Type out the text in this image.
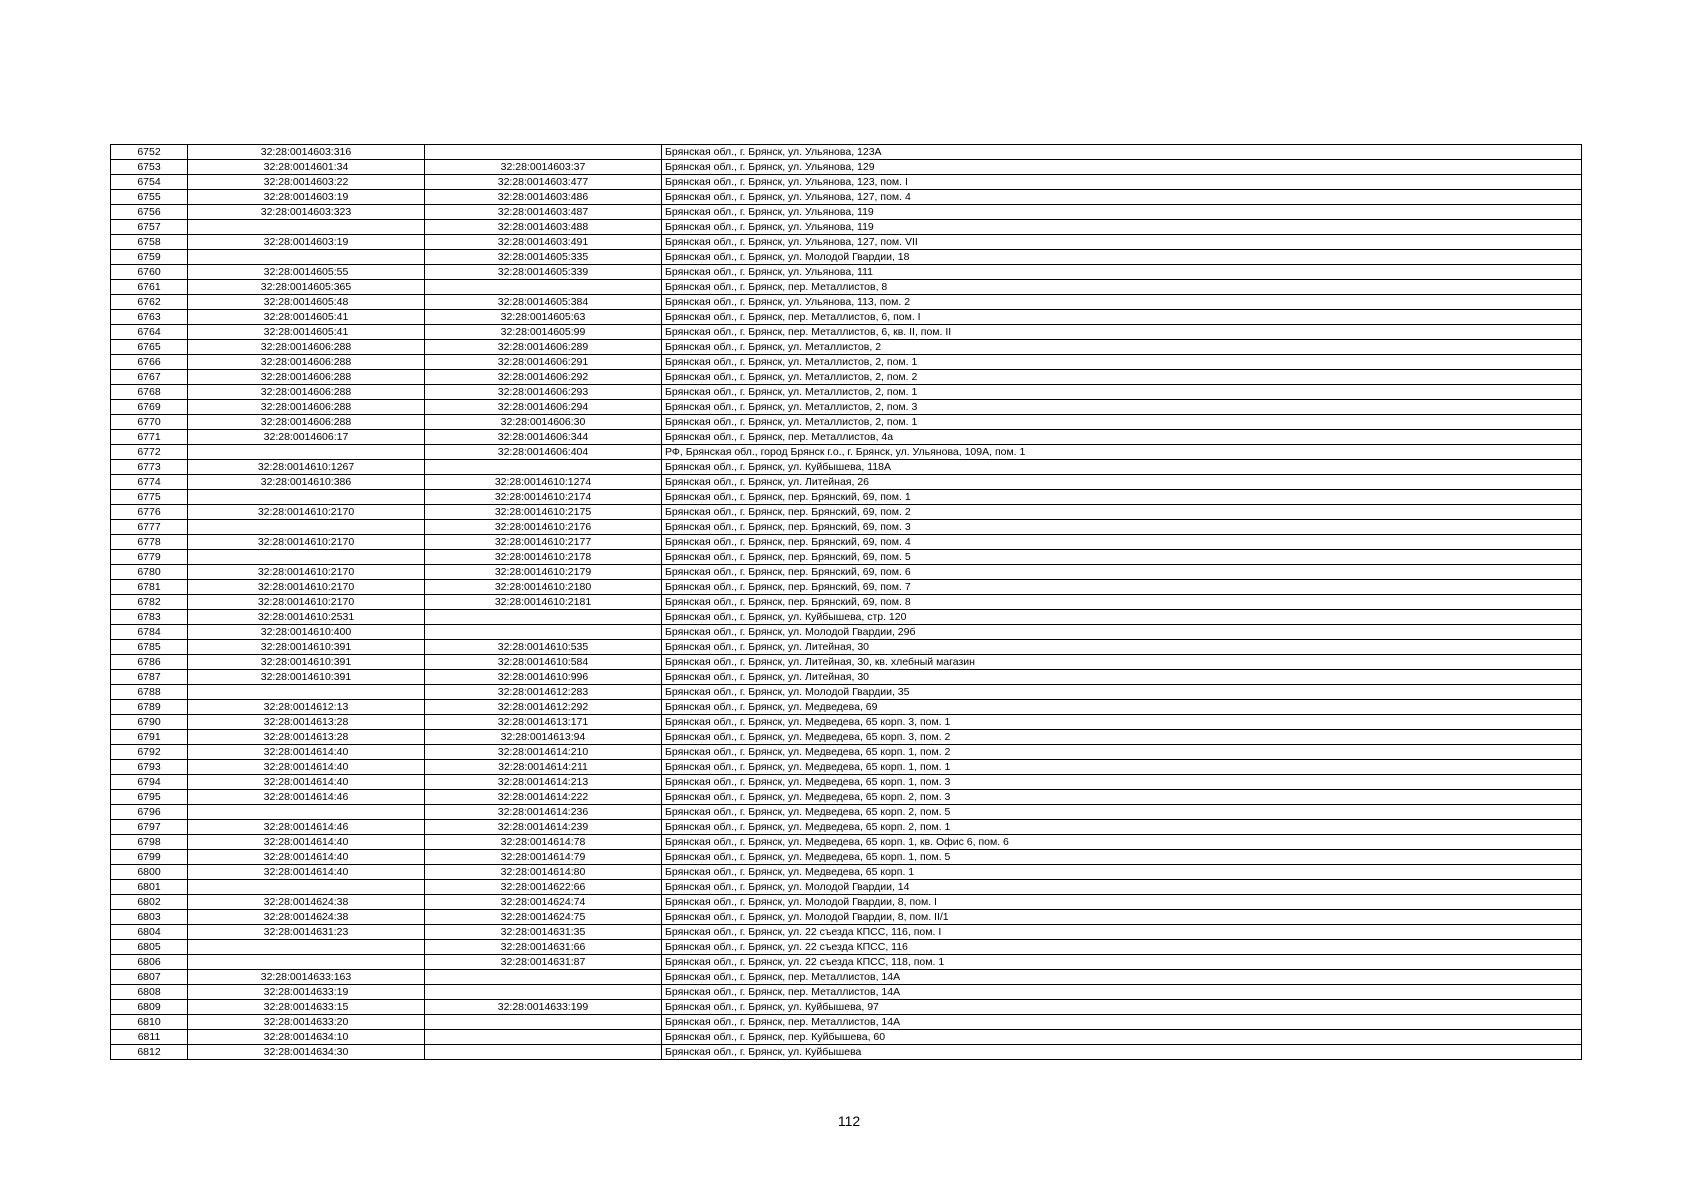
6752	32:28:0014603:316		Брянская обл., г. Брянск, ул. Ульянова, 123А
6753	32:28:0014601:34	32:28:0014603:37	Брянская обл., г. Брянск, ул. Ульянова, 129
6754	32:28:0014603:22	32:28:0014603:477	Брянская обл., г. Брянск, ул. Ульянова, 123, пом. I
6755	32:28:0014603:19	32:28:0014603:486	Брянская обл., г. Брянск, ул. Ульянова, 127, пом. 4
6756	32:28:0014603:323	32:28:0014603:487	Брянская обл., г. Брянск, ул. Ульянова, 119
6757		32:28:0014603:488	Брянская обл., г. Брянск, ул. Ульянова, 119
6758	32:28:0014603:19	32:28:0014603:491	Брянская обл., г. Брянск, ул. Ульянова, 127, пом. VII
6759		32:28:0014605:335	Брянская обл., г. Брянск, ул. Молодой Гвардии, 18
6760	32:28:0014605:55	32:28:0014605:339	Брянская обл., г. Брянск, ул. Ульянова, 111
6761	32:28:0014605:365		Брянская обл., г. Брянск, пер. Металлистов, 8
6762	32:28:0014605:48	32:28:0014605:384	Брянская обл., г. Брянск, ул. Ульянова, 113, пом. 2
6763	32:28:0014605:41	32:28:0014605:63	Брянская обл., г. Брянск, пер. Металлистов, 6, пом. I
6764	32:28:0014605:41	32:28:0014605:99	Брянская обл., г. Брянск, пер. Металлистов, 6, кв. II, пом. II
6765	32:28:0014606:288	32:28:0014606:289	Брянская обл., г. Брянск, ул. Металлистов, 2
6766	32:28:0014606:288	32:28:0014606:291	Брянская обл., г. Брянск, ул. Металлистов, 2, пом. 1
6767	32:28:0014606:288	32:28:0014606:292	Брянская обл., г. Брянск, ул. Металлистов, 2, пом. 2
6768	32:28:0014606:288	32:28:0014606:293	Брянская обл., г. Брянск, ул. Металлистов, 2, пом. 1
6769	32:28:0014606:288	32:28:0014606:294	Брянская обл., г. Брянск, ул. Металлистов, 2, пом. 3
6770	32:28:0014606:288	32:28:0014606:30	Брянская обл., г. Брянск, ул. Металлистов, 2, пом. 1
6771	32:28:0014606:17	32:28:0014606:344	Брянская обл., г. Брянск, пер. Металлистов, 4а
6772		32:28:0014606:404	РФ, Брянская обл., город Брянск г.о., г. Брянск, ул. Ульянова, 109А, пом. 1
6773	32:28:0014610:1267		Брянская обл., г. Брянск, ул. Куйбышева, 118А
6774	32:28:0014610:386	32:28:0014610:1274	Брянская обл., г. Брянск, ул. Литейная, 26
6775		32:28:0014610:2174	Брянская обл., г. Брянск, пер. Брянский, 69, пом. 1
6776	32:28:0014610:2170	32:28:0014610:2175	Брянская обл., г. Брянск, пер. Брянский, 69, пом. 2
6777		32:28:0014610:2176	Брянская обл., г. Брянск, пер. Брянский, 69, пом. 3
6778	32:28:0014610:2170	32:28:0014610:2177	Брянская обл., г. Брянск, пер. Брянский, 69, пом. 4
6779		32:28:0014610:2178	Брянская обл., г. Брянск, пер. Брянский, 69, пом. 5
6780	32:28:0014610:2170	32:28:0014610:2179	Брянская обл., г. Брянск, пер. Брянский, 69, пом. 6
6781	32:28:0014610:2170	32:28:0014610:2180	Брянская обл., г. Брянск, пер. Брянский, 69, пом. 7
6782	32:28:0014610:2170	32:28:0014610:2181	Брянская обл., г. Брянск, пер. Брянский, 69, пом. 8
6783	32:28:0014610:2531		Брянская обл., г. Брянск, ул. Куйбышева, стр. 120
6784	32:28:0014610:400		Брянская обл., г. Брянск, ул. Молодой Гвардии, 29б
6785	32:28:0014610:391	32:28:0014610:535	Брянская обл., г. Брянск, ул. Литейная, 30
6786	32:28:0014610:391	32:28:0014610:584	Брянская обл., г. Брянск, ул. Литейная, 30, кв. хлебный магазин
6787	32:28:0014610:391	32:28:0014610:996	Брянская обл., г. Брянск, ул. Литейная, 30
6788		32:28:0014612:283	Брянская обл., г. Брянск, ул. Молодой Гвардии, 35
6789	32:28:0014612:13	32:28:0014612:292	Брянская обл., г. Брянск, ул. Медведева, 69
6790	32:28:0014613:28	32:28:0014613:171	Брянская обл., г. Брянск, ул. Медведева, 65 корп. 3, пом. 1
6791	32:28:0014613:28	32:28:0014613:94	Брянская обл., г. Брянск, ул. Медведева, 65 корп. 3, пом. 2
6792	32:28:0014614:40	32:28:0014614:210	Брянская обл., г. Брянск, ул. Медведева, 65 корп. 1, пом. 2
6793	32:28:0014614:40	32:28:0014614:211	Брянская обл., г. Брянск, ул. Медведева, 65 корп. 1, пом. 1
6794	32:28:0014614:40	32:28:0014614:213	Брянская обл., г. Брянск, ул. Медведева, 65 корп. 1, пом. 3
6795	32:28:0014614:46	32:28:0014614:222	Брянская обл., г. Брянск, ул. Медведева, 65 корп. 2, пом. 3
6796		32:28:0014614:236	Брянская обл., г. Брянск, ул. Медведева, 65 корп. 2, пом. 5
6797	32:28:0014614:46	32:28:0014614:239	Брянская обл., г. Брянск, ул. Медведева, 65 корп. 2, пом. 1
6798	32:28:0014614:40	32:28:0014614:78	Брянская обл., г. Брянск, ул. Медведева, 65 корп. 1, кв. Офис 6, пом. 6
6799	32:28:0014614:40	32:28:0014614:79	Брянская обл., г. Брянск, ул. Медведева, 65 корп. 1, пом. 5
6800	32:28:0014614:40	32:28:0014614:80	Брянская обл., г. Брянск, ул. Медведева, 65 корп. 1
6801		32:28:0014622:66	Брянская обл., г. Брянск, ул. Молодой Гвардии, 14
6802	32:28:0014624:38	32:28:0014624:74	Брянская обл., г. Брянск, ул. Молодой Гвардии, 8, пом. I
6803	32:28:0014624:38	32:28:0014624:75	Брянская обл., г. Брянск, ул. Молодой Гвардии, 8, пом. II/1
6804	32:28:0014631:23	32:28:0014631:35	Брянская обл., г. Брянск, ул. 22 съезда КПСС, 116, пом. I
6805		32:28:0014631:66	Брянская обл., г. Брянск, ул. 22 съезда КПСС, 116
6806		32:28:0014631:87	Брянская обл., г. Брянск, ул. 22 съезда КПСС, 118, пом. 1
6807	32:28:0014633:163		Брянская обл., г. Брянск, пер. Металлистов, 14А
6808	32:28:0014633:19		Брянская обл., г. Брянск, пер. Металлистов, 14А
6809	32:28:0014633:15	32:28:0014633:199	Брянская обл., г. Брянск, ул. Куйбышева, 97
6810	32:28:0014633:20		Брянская обл., г. Брянск, пер. Металлистов, 14А
6811	32:28:0014634:10		Брянская обл., г. Брянск, пер. Куйбышева, 60
6812	32:28:0014634:30		Брянская обл., г. Брянск, ул. Куйбышева
112
